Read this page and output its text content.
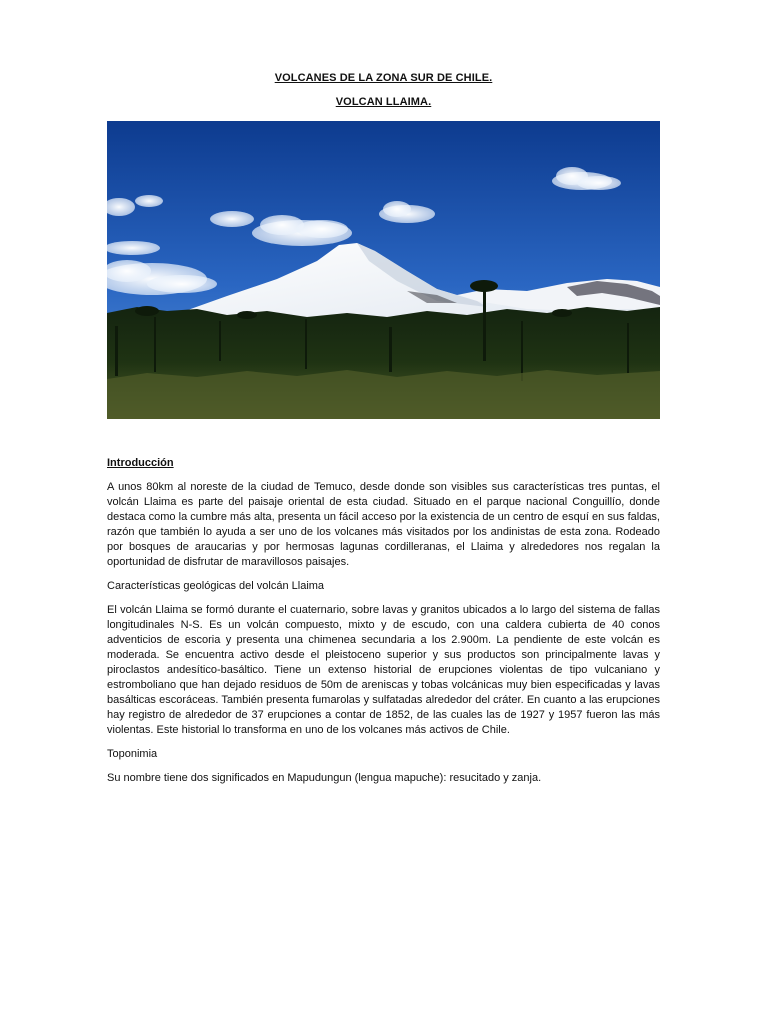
VOLCANES DE LA ZONA SUR DE CHILE.

VOLCAN LLAIMA.

Introducción

A unos 80km al noreste de la ciudad de Temuco, desde donde son visibles sus características tres puntas, el volcán Llaima es parte del paisaje oriental de esta ciudad. Situado en el parque nacional Conguillío, donde destaca como la cumbre más alta, presenta un fácil acceso por la existencia de un centro de esquí en sus faldas, razón que también lo ayuda a ser uno de los volcanes más visitados por los andinistas de esta zona. Rodeado por bosques de araucarias y por hermosas lagunas cordilleranas, el Llaima y alrededores nos regalan la oportunidad de disfrutar de maravillosos paisajes.

Características geológicas del volcán Llaima

El volcán Llaima se formó durante el cuaternario, sobre lavas y granitos ubicados a lo largo del sistema de fallas longitudinales N-S. Es un volcán compuesto, mixto y de escudo, con una caldera cubierta de 40 conos adventicios de escoria y presenta una chimenea secundaria a los 2.900m. La pendiente de este volcán es moderada. Se encuentra activo desde el pleistoceno superior y sus productos son principalmente lavas y piroclastos andesítico-basáltico. Tiene un extenso historial de erupciones violentas de tipo vulcaniano y estromboliano que han dejado residuos de 50m de areniscas y tobas volcánicas muy bien especificadas y lavas basálticas escoráceas. También presenta fumarolas y sulfatadas alrededor del cráter. En cuanto a las erupciones hay registro de alrededor de 37 erupciones a contar de 1852, de las cuales las de 1927 y 1957 fueron las más violentas. Este historial lo transforma en uno de los volcanes más activos de Chile.

Toponimia

Su nombre tiene dos significados en Mapudungun (lengua mapuche): resucitado y zanja.
